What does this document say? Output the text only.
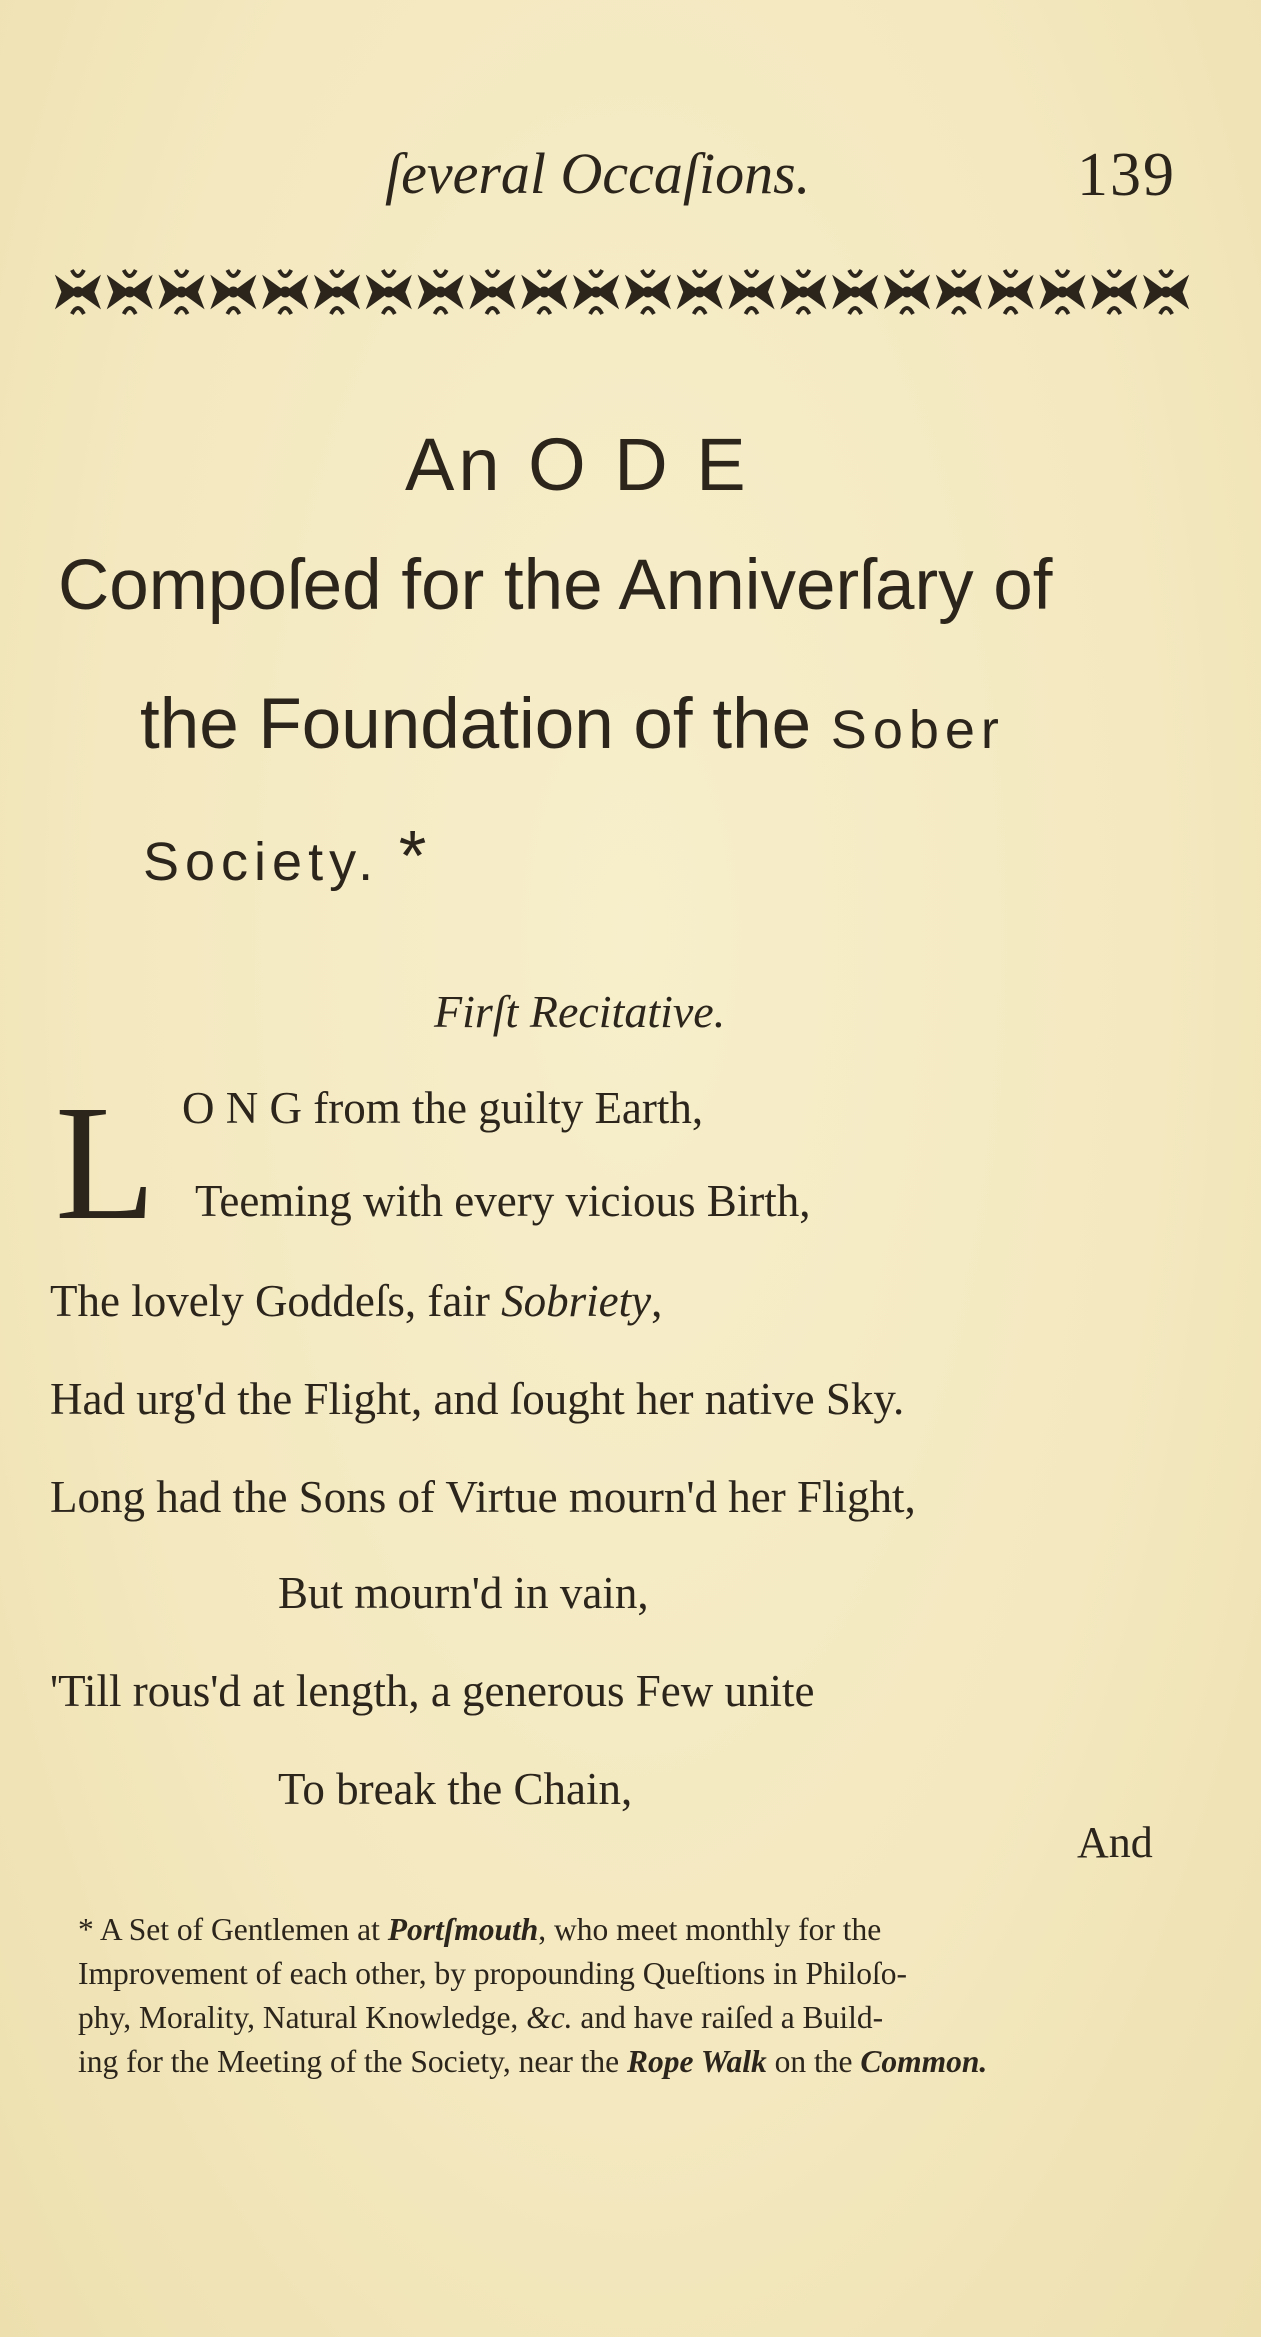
ſeveral Occaſions.	139
An O D E
Compoſed for the Anniverſary of
the Foundation of the Sober
Society. *
Firſt Recitative.
L O N G from the guilty Earth,
Teeming with every vicious Birth,
The lovely Goddeſs, fair Sobriety,
Had urg'd the Flight, and ſought her native Sky.
Long had the Sons of Virtue mourn'd her Flight,
But mourn'd in vain,
'Till rous'd at length, a generous Few unite
To break the Chain,
And
* A Set of Gentlemen at Portſmouth, who meet monthly for the
Improvement of each other, by propounding Queſtions in Philoſo-
phy, Morality, Natural Knowledge, &c. and have raiſed a Build-
ing for the Meeting of the Society, near the Rope Walk on the Common.
